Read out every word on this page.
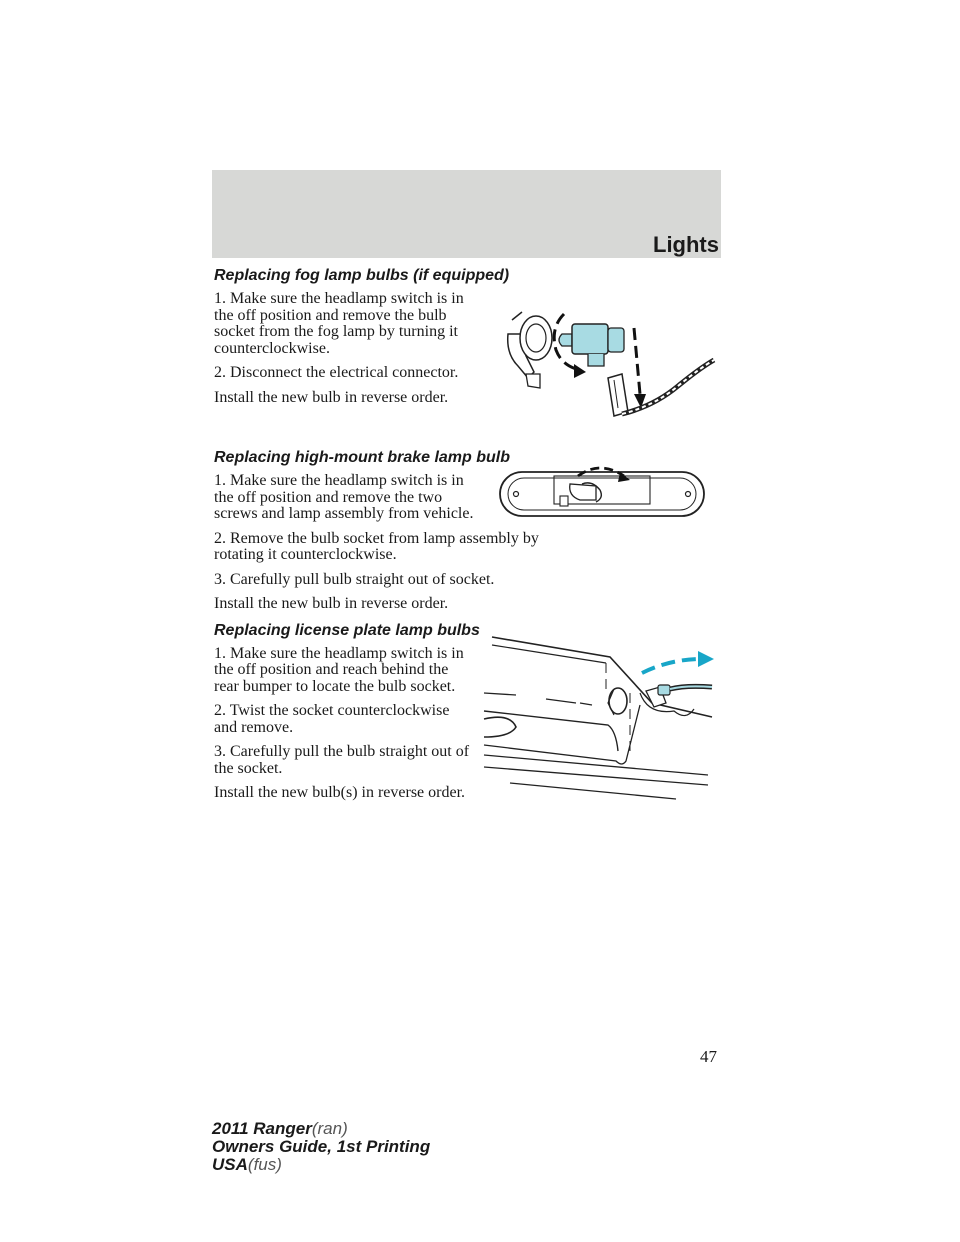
Lights
Replacing fog lamp bulbs (if equipped)

1. Make sure the headlamp switch is in the off position and remove the bulb socket from the fog lamp by turning it counterclockwise.

2. Disconnect the electrical connector.

Install the new bulb in reverse order.

Replacing high-mount brake lamp bulb

1. Make sure the headlamp switch is in the off position and remove the two screws and lamp assembly from vehicle.

2. Remove the bulb socket from lamp assembly by rotating it counterclockwise.

3. Carefully pull bulb straight out of socket.

Install the new bulb in reverse order.

Replacing license plate lamp bulbs

1. Make sure the headlamp switch is in the off position and reach behind the rear bumper to locate the bulb socket.

2. Twist the socket counterclockwise and remove.

3. Carefully pull the bulb straight out of the socket.

Install the new bulb(s) in reverse order.

47
2011 Ranger(ran)
Owners Guide, 1st Printing
USA(fus)
